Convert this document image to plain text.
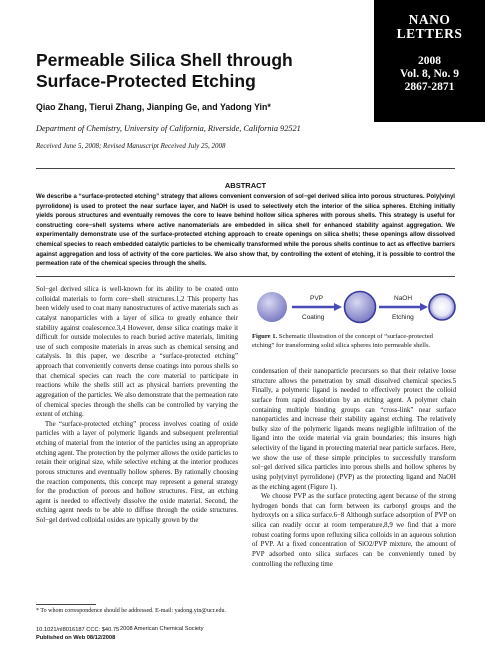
NANO
LETTERS
2008
Vol. 8, No. 9
2867-2871
Permeable Silica Shell through
Surface-Protected Etching
Qiao Zhang, Tierui Zhang, Jianping Ge, and Yadong Yin*
Department of Chemistry, University of California, Riverside, California 92521
Received June 5, 2008; Revised Manuscript Received July 25, 2008
ABSTRACT
We describe a “surface-protected etching” strategy that allows convenient conversion of sol−gel derived silica into porous structures. Poly(vinyl pyrrolidone) is used to protect the near surface layer, and NaOH is used to selectively etch the interior of the silica spheres. Etching initially yields porous structures and eventually removes the core to leave behind hollow silica spheres with porous shells. This strategy is useful for constructing core−shell systems where active nanomaterials are embedded in silica shell for enhanced stability against aggregation. We experimentally demonstrate use of the surface-protected etching approach to create openings on silica shells; these openings allow dissolved chemical species to reach embedded catalytic particles to be chemically transformed while the porous shells continue to act as effective barriers against aggregation and loss of activity of the core particles. We also show that, by controlling the extent of etching, it is possible to control the permeation rate of the chemical species through the shells.

Sol−gel derived silica is well-known for its ability to be coated onto colloidal materials to form core−shell structures.1,2 This property has been widely used to coat many nanostructures of active materials such as catalyst nanoparticles with a layer of silica to greatly enhance their stability against coalescence.3,4 However, dense silica coatings make it difficult for outside molecules to reach buried active materials, limiting use of such composite materials in areas such as chemical sensing and catalysis. In this paper, we describe a “surface-protected etching” approach that conveniently converts dense coatings into porous shells so that chemical species can reach the core material to participate in reactions while the shells still act as physical barriers preventing the aggregation of the particles. We also demonstrate that the permeation rate of chemical species through the shells can be controlled by varying the extent of etching.

The “surface-protected etching” process involves coating of oxide particles with a layer of polymeric ligands and subsequent preferential etching of material from the interior of the particles using an appropriate etching agent. The protection by the polymer allows the oxide particles to retain their original size, while selective etching at the interior produces porous structures and eventually hollow spheres. By rationally choosing the reaction components, this concept may represent a general strategy for the production of porous and hollow structures. First, an etching agent is needed to effectively dissolve the oxide material. Second, the etching agent needs to be able to diffuse through the oxide structures. Sol−gel derived colloidal oxides are typically grown by the

PVP
Coating
NaOH
Etching
Figure 1. Schematic illustration of the concept of “surface-protected etching” for transforming solid silica spheres into permeable shells.

condensation of their nanoparticle precursors so that their relative loose structure allows the penetration by small dissolved chemical species.5 Finally, a polymeric ligand is needed to effectively protect the colloid surface from rapid dissolution by an etching agent. A polymer chain containing multiple binding groups can “cross-link” near surface nanoparticles and increase their stability against etching. The relatively bulky size of the polymeric ligands means negligible infiltration of the ligand into the oxide material via grain boundaries; this insures high selectivity of the ligand in protecting material near particle surfaces. Here, we show the use of these simple principles to successfully transform sol−gel derived silica particles into porous shells and hollow spheres by using poly(vinyl pyrrolidone) (PVP) as the protecting ligand and NaOH as the etching agent (Figure 1).

We choose PVP as the surface protecting agent because of the strong hydrogen bonds that can form between its carbonyl groups and the hydroxyls on a silica surface.6−8 Although surface adsorption of PVP on silica can readily occur at room temperature,8,9 we find that a more robust coating forms upon refluxing silica colloids in an aqueous solution of PVP. At a fixed concentration of SiO2/PVP mixture, the amount of PVP adsorbed onto silica surfaces can be conveniently tuned by controlling the refluxing time

* To whom correspondence should be addressed. E-mail: yadong.yin@ucr.edu.
10.1021/nl8016187 CCC: $40.75
Published on Web 08/12/2008
2008 American Chemical Society
